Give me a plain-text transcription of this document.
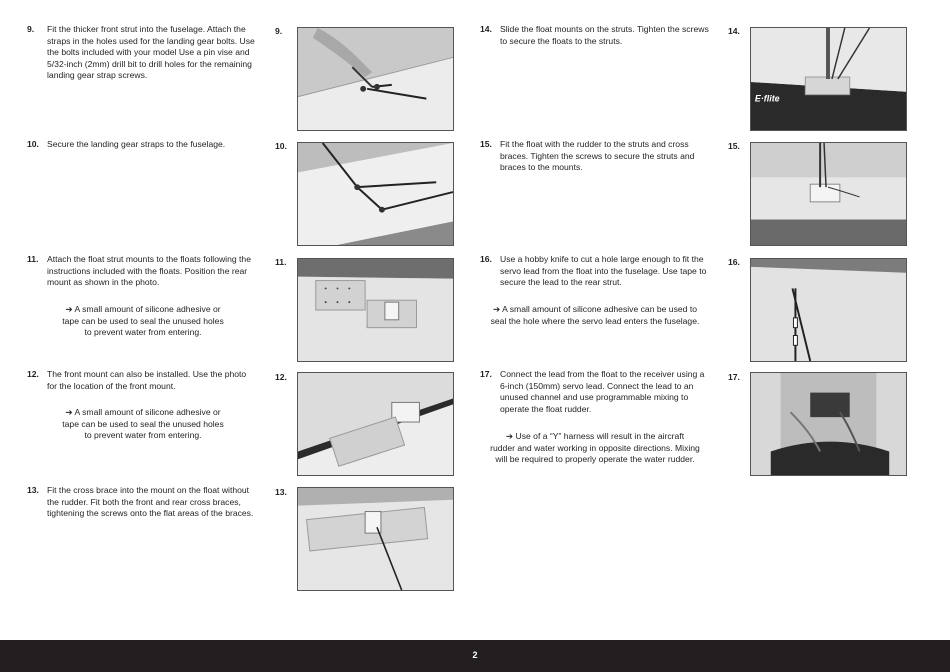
9. Fit the thicker front strut into the fuselage. Attach the straps in the holes used for the landing gear bolts. Use the bolts included with your model Use a pin vise and 5/32-inch (2mm) drill bit to drill holes for the remaining landing gear strap screws.

10. Secure the landing gear straps to the fuselage.

11. Attach the float strut mounts to the floats following the instructions included with the floats. Position the rear mount as shown in the photo.

➔ A small amount of silicone adhesive or
tape can be used to seal the unused holes
to prevent water from entering.
12. The front mount can also be installed. Use the photo for the location of the front mount.

➔ A small amount of silicone adhesive or
tape can be used to seal the unused holes
to prevent water from entering.
13. Fit the cross brace into the mount on the float without the rudder. Fit both the front and rear cross braces, tightening the screws onto the flat areas of the braces.

9.
10.
11.
12.
13.
14. Slide the float mounts on the struts. Tighten the screws to secure the floats to the struts.

15. Fit the float with the rudder to the struts and cross braces. Tighten the screws to secure the struts and braces to the mounts.

16. Use a hobby knife to cut a hole large enough to fit the servo lead from the float into the fuselage. Use tape to secure the lead to the rear strut.

➔ A small amount of silicone adhesive can be used to
seal the hole where the servo lead enters the fuselage.
17. Connect the lead from the float to the receiver using a 6-inch (150mm) servo lead. Connect the lead to an unused channel and use programmable mixing to operate the float rudder.

➔ Use of a “Y” harness will result in the aircraft
rudder and water working in opposite directions. Mixing
will be required to properly operate the water rudder.
14.
E·flite
15.
16.
17.
2
